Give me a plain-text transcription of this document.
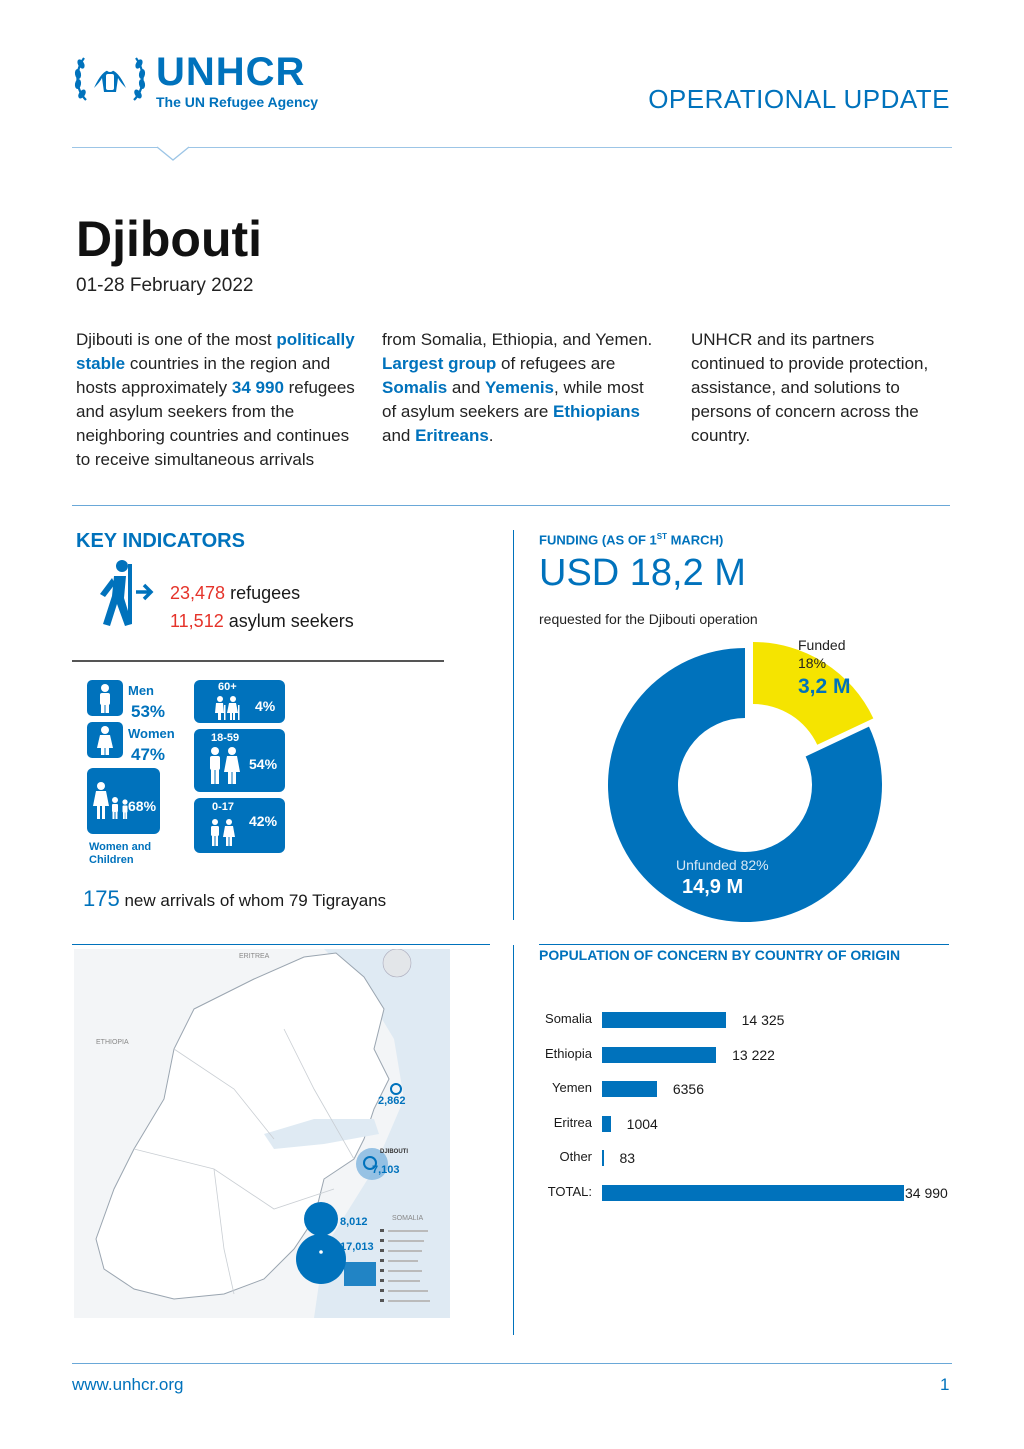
UNHCR
The UN Refugee Agency	OPERATIONAL UPDATE
Djibouti
01-28 February 2022
Djibouti is one of the most politically stable countries in the region and hosts approximately 34 990 refugees and asylum seekers from the neighboring countries and continues to receive simultaneous arrivals
from Somalia, Ethiopia, and Yemen. Largest group of refugees are Somalis and Yemenis, while most of asylum seekers are Ethiopians and Eritreans.
UNHCR and its partners continued to provide protection, assistance, and solutions to persons of concern across the country.
KEY INDICATORS
23,478 refugees
11,512 asylum seekers
Men
53%
Women
47%
68%
Women and
Children
60+
4%
18-59
54%
0-17
42%
175 new arrivals of whom 79 Tigrayans
FUNDING (AS OF 1ST MARCH)
USD 18,2 M
requested for the Djibouti operation
Funded
18%
3,2 M
Unfunded 82%
14,9 M
ERITREA
ETHIOPIA
SOMALIA
DJIBOUTI
2,862
7,103
8,012
17,013
POPULATION OF CONCERN BY COUNTRY OF ORIGIN
Somalia	14 325
Ethiopia	13 222
Yemen	6356
Eritrea 1004
Other 83
TOTAL:	34 990
www.unhcr.org	1
